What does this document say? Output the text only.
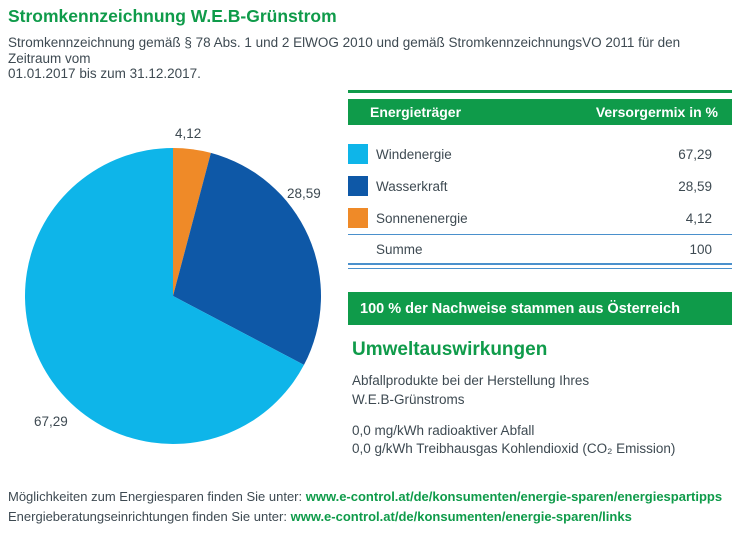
Stromkennzeichnung W.E.B-Grünstrom
Stromkennzeichnung gemäß § 78 Abs. 1 und 2 ElWOG 2010 und gemäß StromkennzeichnungsVO 2011 für den Zeitraum vom
01.01.2017 bis zum 31.12.2017.
4,12
28,59
67,29
Energieträger	Versorgermix in %
Windenergie	67,29
Wasserkraft	28,59
Sonnenenergie	4,12
Summe	100
100 % der Nachweise stammen aus Österreich
Umweltauswirkungen
Abfallprodukte bei der Herstellung Ihres
W.E.B-Grünstroms
0,0 mg/kWh radioaktiver Abfall
0,0 g/kWh Treibhausgas Kohlendioxid (CO₂ Emission)
Möglichkeiten zum Energiesparen finden Sie unter: www.e-control.at/de/konsumenten/energie-sparen/energiespartipps
Energieberatungseinrichtungen finden Sie unter: www.e-control.at/de/konsumenten/energie-sparen/links
